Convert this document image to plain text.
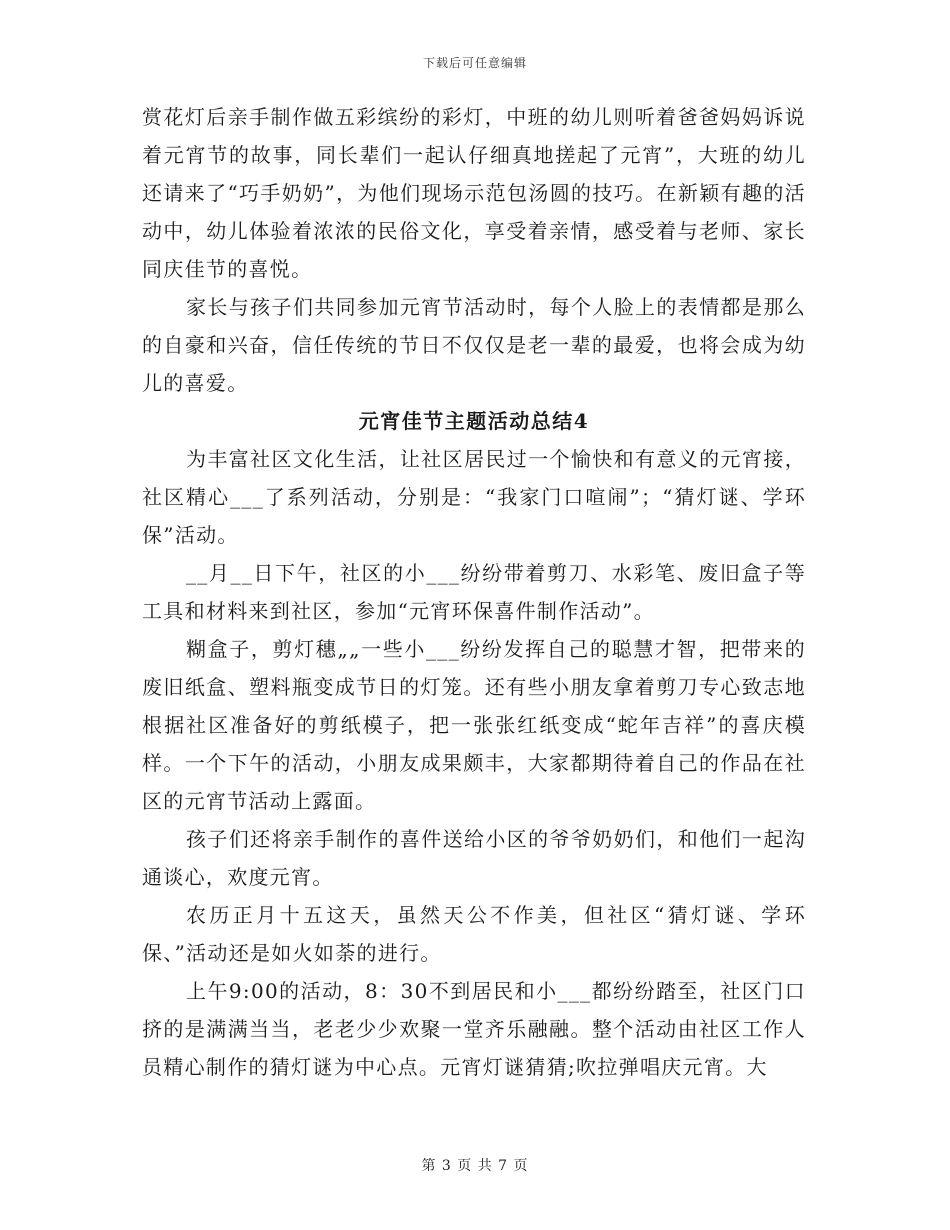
下载后可任意编辑

赏花灯后亲手制作做五彩缤纷的彩灯，中班的幼儿则听着爸爸妈妈诉说着元宵节的故事，同长辈们一起认仔细真地搓起了元宵”，大班的幼儿还请来了“巧手奶奶”，为他们现场示范包汤圆的技巧。在新颖有趣的活动中，幼儿体验着浓浓的民俗文化，享受着亲情，感受着与老师、家长同庆佳节的喜悦。

家长与孩子们共同参加元宵节活动时，每个人脸上的表情都是那么的自豪和兴奋，信任传统的节日不仅仅是老一辈的最爱，也将会成为幼儿的喜爱。

元宵佳节主题活动总结4

为丰富社区文化生活，让社区居民过一个愉快和有意义的元宵接，社区精心___了系列活动，分别是：“我家门口喧闹”；“猜灯谜、学环保”活动。

__月__日下午，社区的小___纷纷带着剪刀、水彩笔、废旧盒子等工具和材料来到社区，参加“元宵环保喜件制作活动”。

糊盒子，剪灯穗„„一些小___纷纷发挥自己的聪慧才智，把带来的废旧纸盒、塑料瓶变成节日的灯笼。还有些小朋友拿着剪刀专心致志地根据社区准备好的剪纸模子，把一张张红纸变成“蛇年吉祥”的喜庆模样。一个下午的活动，小朋友成果颇丰，大家都期待着自己的作品在社区的元宵节活动上露面。

孩子们还将亲手制作的喜件送给小区的爷爷奶奶们，和他们一起沟通谈心，欢度元宵。

农历正月十五这天，虽然天公不作美，但社区“猜灯谜、学环保、”活动还是如火如荼的进行。

上午9:00的活动，8：30不到居民和小___都纷纷踏至，社区门口挤的是满满当当，老老少少欢聚一堂齐乐融融。整个活动由社区工作人员精心制作的猜灯谜为中心点。元宵灯谜猜猜;吹拉弹唱庆元宵。大

第 3 页 共 7 页
